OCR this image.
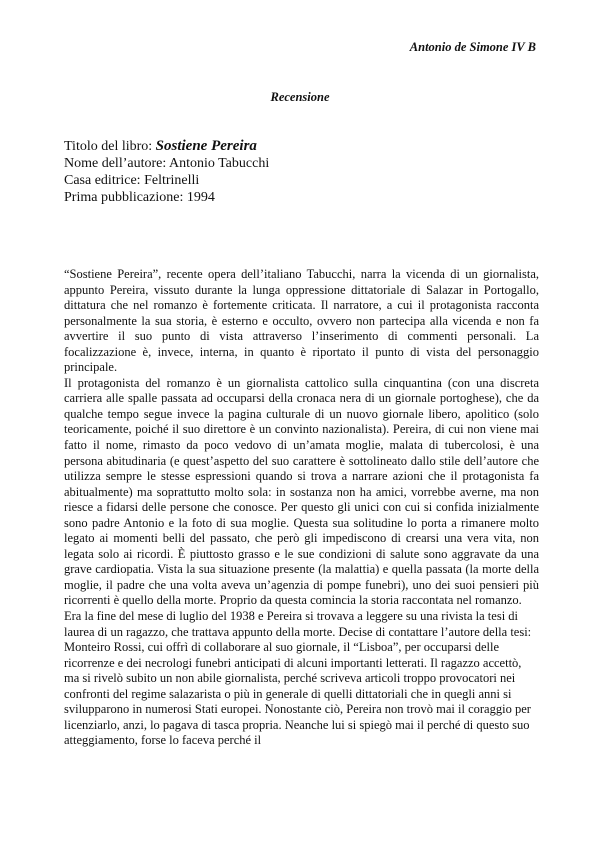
Antonio de Simone IV B
Recensione
Titolo del libro: Sostiene Pereira
Nome dell’autore: Antonio Tabucchi
Casa editrice: Feltrinelli
Prima pubblicazione: 1994

“Sostiene Pereira”, recente opera dell’italiano Tabucchi, narra la vicenda di un giornalista, appunto Pereira, vissuto durante la lunga oppressione dittatoriale di Salazar in Portogallo, dittatura che nel romanzo è fortemente criticata. Il narratore, a cui il protagonista racconta personalmente la sua storia, è esterno e occulto, ovvero non partecipa alla vicenda e non fa avvertire il suo punto di vista attraverso l’inserimento di commenti personali. La focalizzazione è, invece, interna, in quanto è riportato il punto di vista del personaggio principale.

Il protagonista del romanzo è un giornalista cattolico sulla cinquantina (con una discreta carriera alle spalle passata ad occuparsi della cronaca nera di un giornale portoghese), che da qualche tempo segue invece la pagina culturale di un nuovo giornale libero, apolitico (solo teoricamente, poiché il suo direttore è un convinto nazionalista). Pereira, di cui non viene mai fatto il nome, rimasto da poco vedovo di un’amata moglie, malata di tubercolosi, è una persona abitudinaria (e quest’aspetto del suo carattere è sottolineato dallo stile dell’autore che utilizza sempre le stesse espressioni quando si trova a narrare azioni che il protagonista fa abitualmente) ma soprattutto molto sola: in sostanza non ha amici, vorrebbe averne, ma non riesce a fidarsi delle persone che conosce. Per questo gli unici con cui si confida inizialmente sono padre Antonio e la foto di sua moglie. Questa sua solitudine lo porta a rimanere molto legato ai momenti belli del passato, che però gli impediscono di crearsi una vera vita, non legata solo ai ricordi. È piuttosto grasso e le sue condizioni di salute sono aggravate da una grave cardiopatia. Vista la sua situazione presente (la malattia) e quella passata (la morte della moglie, il padre che una volta aveva un’agenzia di pompe funebri), uno dei suoi pensieri più ricorrenti è quello della morte. Proprio da questa comincia la storia raccontata nel romanzo.

Era la fine del mese di luglio del 1938 e Pereira si trovava a leggere su una rivista la tesi di laurea di un ragazzo, che trattava appunto della morte. Decise di contattare l’autore della tesi: Monteiro Rossi, cui offrì di collaborare al suo giornale, il “Lisboa”, per occuparsi delle ricorrenze e dei necrologi funebri anticipati di alcuni importanti letterati. Il ragazzo accettò, ma si rivelò subito un non abile giornalista, perché scriveva articoli troppo provocatori nei confronti del regime salazarista o più in generale di quelli dittatoriali che in quegli anni si svilupparono in numerosi Stati europei. Nonostante ciò, Pereira non trovò mai il coraggio per licenziarlo, anzi, lo pagava di tasca propria. Neanche lui si spiegò mai il perché di questo suo atteggiamento, forse lo faceva perché il
